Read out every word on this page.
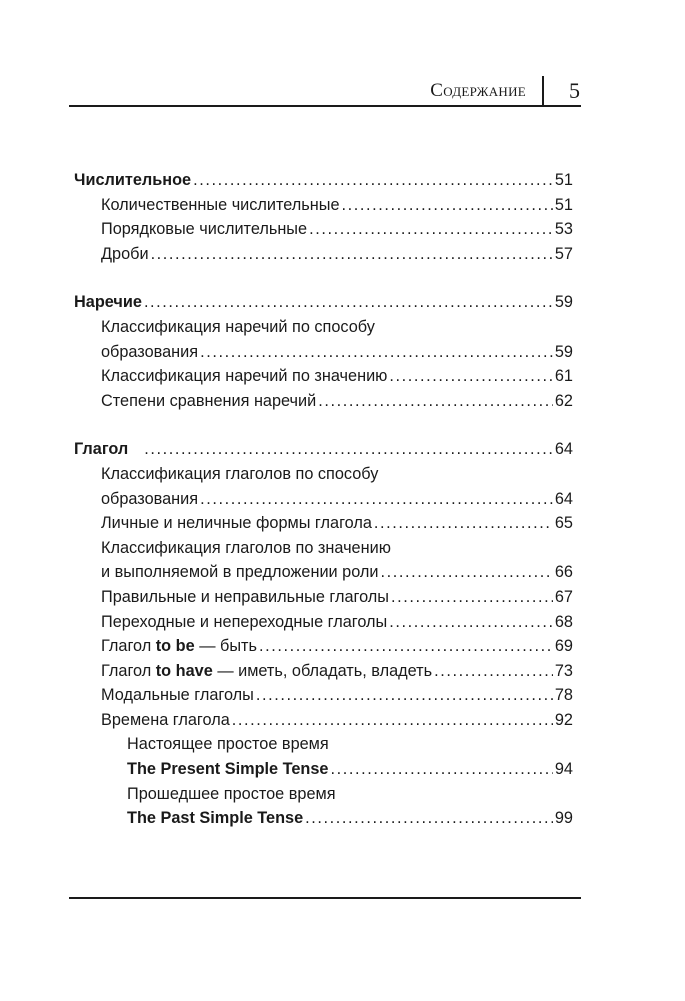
Содержание 5
Числительное .....	51
Количественные числительные .....	51
Порядковые числительные .....	53
Дроби .....	57
Наречие .....	59
Классификация наречий по способу
образования .....	59
Классификация наречий по значению .....	61
Степени сравнения наречий .....	62
Глагол .....	64
Классификация глаголов по способу
образования .....	64
Личные и неличные формы глагола .....	65
Классификация глаголов по значению
и выполняемой в предложении роли .....	66
Правильные и неправильные глаголы .....	67
Переходные и непереходные глаголы .....	68
Глагол to be — быть .....	69
Глагол to have — иметь, обладать, владеть .....	73
Модальные глаголы .....	78
Времена глагола .....	92
Настоящее простое время
The Present Simple Tense .....	94
Прошедшее простое время
The Past Simple Tense .....	99
